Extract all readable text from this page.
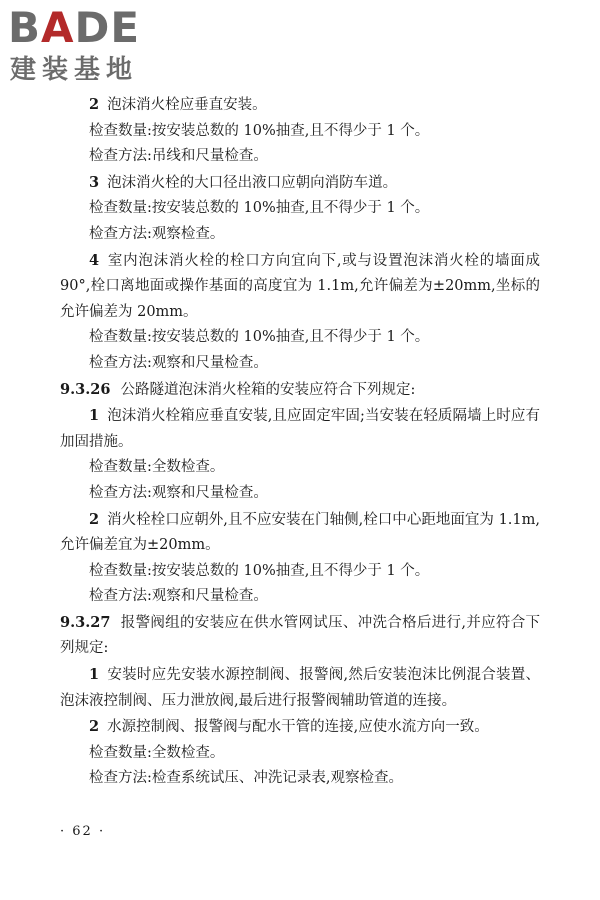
BADE
建装基地

2 泡沫消火栓应垂直安装。

检查数量:按安装总数的 10%抽查,且不得少于 1 个。

检查方法:吊线和尺量检查。

3 泡沫消火栓的大口径出液口应朝向消防车道。

检查数量:按安装总数的 10%抽查,且不得少于 1 个。

检查方法:观察检查。

4 室内泡沫消火栓的栓口方向宜向下,或与设置泡沫消火栓的墙面成 90°,栓口离地面或操作基面的高度宜为 1.1m,允许偏差为±20mm,坐标的允许偏差为 20mm。

检查数量:按安装总数的 10%抽查,且不得少于 1 个。

检查方法:观察和尺量检查。

9.3.26 公路隧道泡沫消火栓箱的安装应符合下列规定:

1 泡沫消火栓箱应垂直安装,且应固定牢固;当安装在轻质隔墙上时应有加固措施。

检查数量:全数检查。

检查方法:观察和尺量检查。

2 消火栓栓口应朝外,且不应安装在门轴侧,栓口中心距地面宜为 1.1m,允许偏差宜为±20mm。

检查数量:按安装总数的 10%抽查,且不得少于 1 个。

检查方法:观察和尺量检查。

9.3.27 报警阀组的安装应在供水管网试压、冲洗合格后进行,并应符合下列规定:

1 安装时应先安装水源控制阀、报警阀,然后安装泡沫比例混合装置、泡沫液控制阀、压力泄放阀,最后进行报警阀辅助管道的连接。

2 水源控制阀、报警阀与配水干管的连接,应使水流方向一致。

检查数量:全数检查。

检查方法:检查系统试压、冲洗记录表,观察检查。

· 62 ·
